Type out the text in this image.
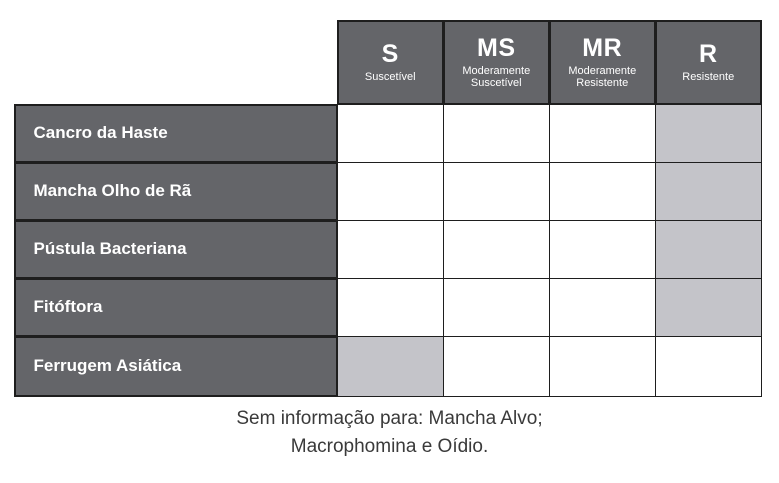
S
Suscetível
MS
Moderamente
Suscetível
MR
Moderamente
Resistente
R
Resistente
Cancro da Haste
Mancha Olho de Rã
Pústula Bacteriana
Fitóftora
Ferrugem Asiática
Sem informação para: Mancha Alvo;
Macrophomina e Oídio.
